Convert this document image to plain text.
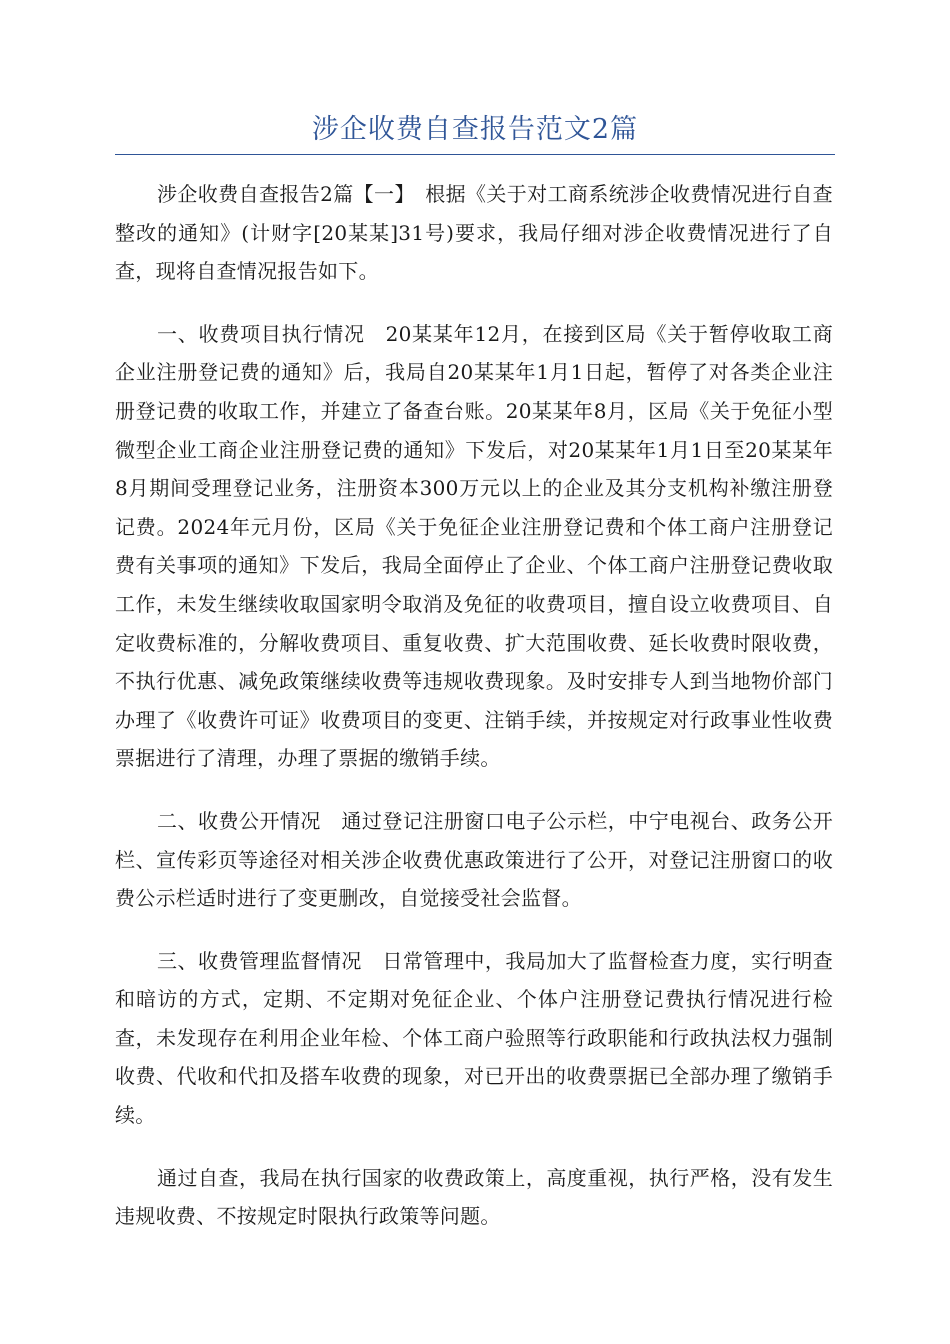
涉企收费自查报告范文2篇

涉企收费自查报告2篇【一】　根据《关于对工商系统涉企收费情况进行自查整改的通知》(计财字[20某某]31号)要求，我局仔细对涉企收费情况进行了自查，现将自查情况报告如下。

一、收费项目执行情况　20某某年12月，在接到区局《关于暂停收取工商企业注册登记费的通知》后，我局自20某某年1月1日起，暂停了对各类企业注册登记费的收取工作，并建立了备查台账。20某某年8月，区局《关于免征小型微型企业工商企业注册登记费的通知》下发后，对20某某年1月1日至20某某年8月期间受理登记业务，注册资本300万元以上的企业及其分支机构补缴注册登记费。2024年元月份，区局《关于免征企业注册登记费和个体工商户注册登记费有关事项的通知》下发后，我局全面停止了企业、个体工商户注册登记费收取工作，未发生继续收取国家明令取消及免征的收费项目，擅自设立收费项目、自定收费标准的，分解收费项目、重复收费、扩大范围收费、延长收费时限收费，不执行优惠、减免政策继续收费等违规收费现象。及时安排专人到当地物价部门办理了《收费许可证》收费项目的变更、注销手续，并按规定对行政事业性收费票据进行了清理，办理了票据的缴销手续。

二、收费公开情况　通过登记注册窗口电子公示栏，中宁电视台、政务公开栏、宣传彩页等途径对相关涉企收费优惠政策进行了公开，对登记注册窗口的收费公示栏适时进行了变更删改，自觉接受社会监督。

三、收费管理监督情况　日常管理中，我局加大了监督检查力度，实行明查和暗访的方式，定期、不定期对免征企业、个体户注册登记费执行情况进行检查，未发现存在利用企业年检、个体工商户验照等行政职能和行政执法权力强制收费、代收和代扣及搭车收费的现象，对已开出的收费票据已全部办理了缴销手续。

通过自查，我局在执行国家的收费政策上，高度重视，执行严格，没有发生违规收费、不按规定时限执行政策等问题。
